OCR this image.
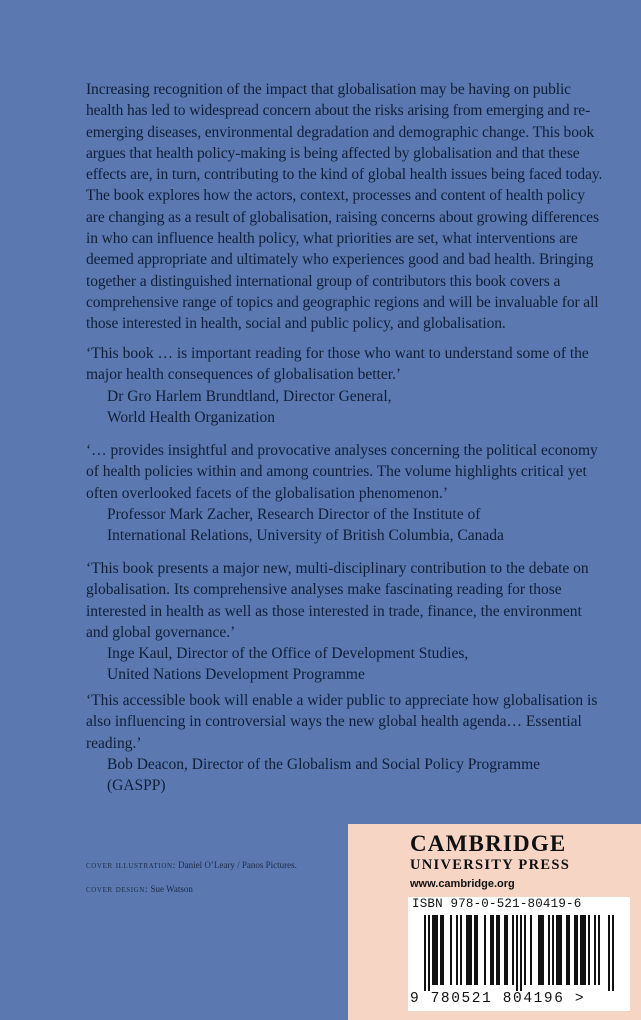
Increasing recognition of the impact that globalisation may be having on public health has led to widespread concern about the risks arising from emerging and re-emerging diseases, environmental degradation and demographic change. This book argues that health policy-making is being affected by globalisation and that these effects are, in turn, contributing to the kind of global health issues being faced today. The book explores how the actors, context, processes and content of health policy are changing as a result of globalisation, raising concerns about growing differences in who can influence health policy, what priorities are set, what interventions are deemed appropriate and ultimately who experiences good and bad health. Bringing together a distinguished international group of contributors this book covers a comprehensive range of topics and geographic regions and will be invaluable for all those interested in health, social and public policy, and globalisation.

‘This book … is important reading for those who want to understand some of the major health consequences of globalisation better.’

Dr Gro Harlem Brundtland, Director General,
World Health Organization

‘… provides insightful and provocative analyses concerning the political economy of health policies within and among countries. The volume highlights critical yet often overlooked facets of the globalisation phenomenon.’

Professor Mark Zacher, Research Director of the Institute of
International Relations, University of British Columbia, Canada

‘This book presents a major new, multi-disciplinary contribution to the debate on globalisation. Its comprehensive analyses make fascinating reading for those interested in health as well as those interested in trade, finance, the environment and global governance.’

Inge Kaul, Director of the Office of Development Studies,
United Nations Development Programme

‘This accessible book will enable a wider public to appreciate how globalisation is also influencing in controversial ways the new global health agenda… Essential reading.’

Bob Deacon, Director of the Globalism and Social Policy Programme
(GASPP)
cover illustration: Daniel O’Leary / Panos Pictures.
cover design: Sue Watson
CAMBRIDGE
UNIVERSITY PRESS
www.cambridge.org
ISBN 978-0-521-80419-6
9 780521 804196 >
